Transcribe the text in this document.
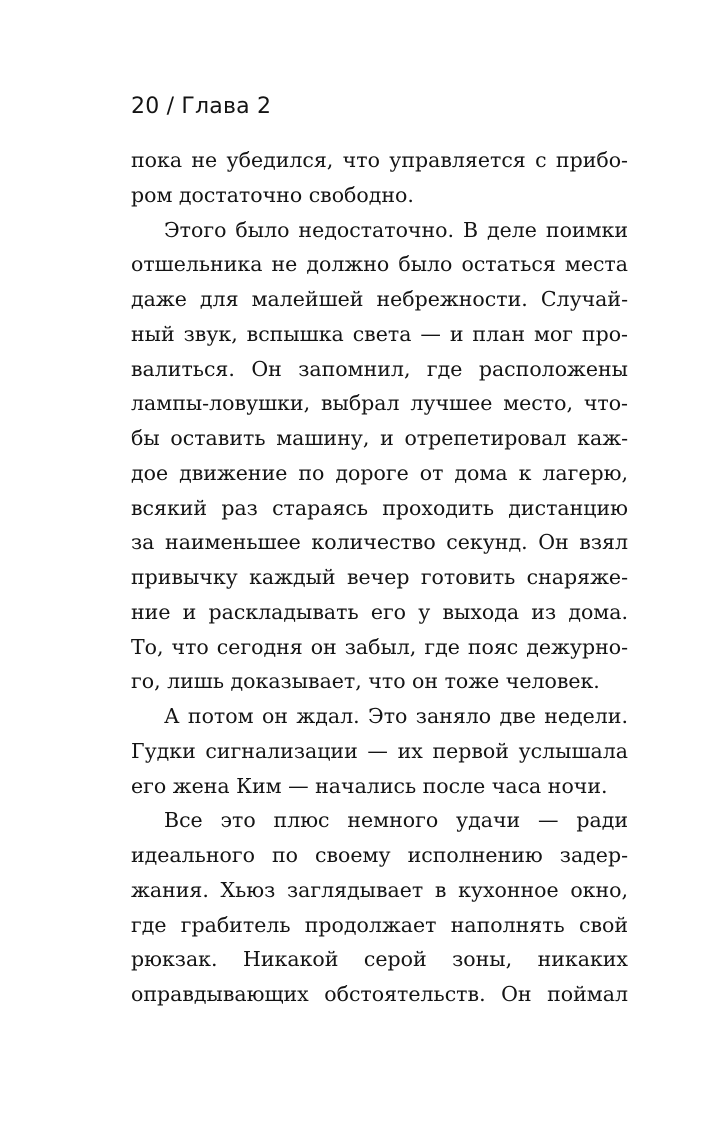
20 / Глава 2
пока не убедился, что управляется с прибо-
ром достаточно свободно.
Этого было недостаточно. В деле поимки
отшельника не должно было остаться места
даже для малейшей небрежности. Случай-
ный звук, вспышка света — и план мог про-
валиться. Он запомнил, где расположены
лампы-ловушки, выбрал лучшее место, что-
бы оставить машину, и отрепетировал каж-
дое движение по дороге от дома к лагерю,
всякий раз стараясь проходить дистанцию
за наименьшее количество секунд. Он взял
привычку каждый вечер готовить снаряже-
ние и раскладывать его у выхода из дома.
То, что сегодня он забыл, где пояс дежурно-
го, лишь доказывает, что он тоже человек.
А потом он ждал. Это заняло две недели.
Гудки сигнализации — их первой услышала
его жена Ким — начались после часа ночи.
Все это плюс немного удачи — ради
идеального по своему исполнению задер-
жания. Хьюз заглядывает в кухонное окно,
где грабитель продолжает наполнять свой
рюкзак. Никакой серой зоны, никаких
оправдывающих обстоятельств. Он поймал
